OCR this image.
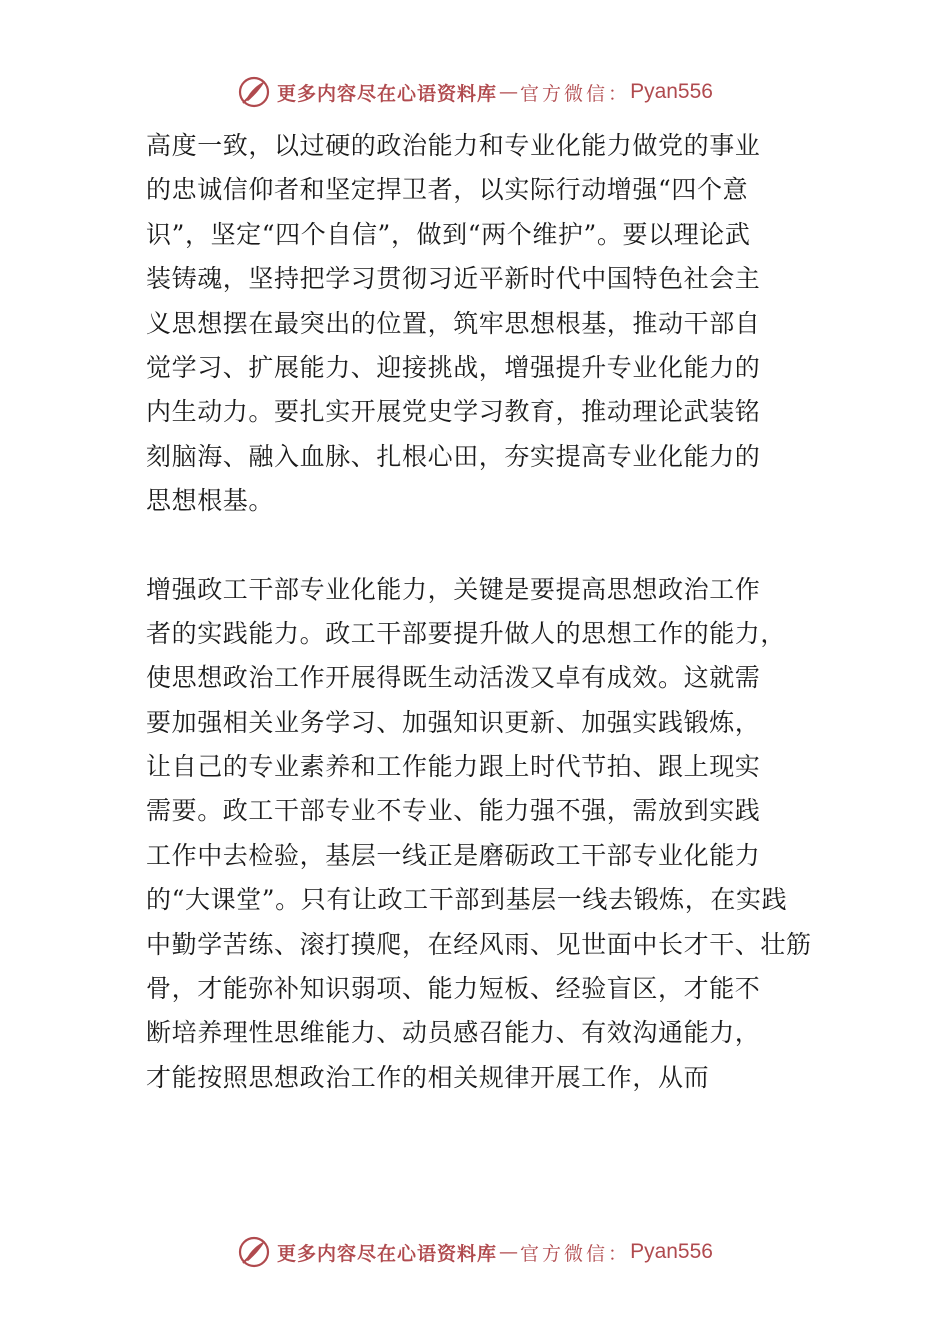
更多内容尽在心语资料库 — 官方微信： Pyan556
高度一致，以过硬的政治能力和专业化能力做党的事业
的忠诚信仰者和坚定捍卫者，以实际行动增强“四个意
识”，坚定“四个自信”，做到“两个维护”。要以理论武
装铸魂，坚持把学习贯彻习近平新时代中国特色社会主
义思想摆在最突出的位置，筑牢思想根基，推动干部自
觉学习、扩展能力、迎接挑战，增强提升专业化能力的
内生动力。要扎实开展党史学习教育，推动理论武装铭
刻脑海、融入血脉、扎根心田，夯实提高专业化能力的
思想根基。
增强政工干部专业化能力，关键是要提高思想政治工作
者的实践能力。政工干部要提升做人的思想工作的能力，
使思想政治工作开展得既生动活泼又卓有成效。这就需
要加强相关业务学习、加强知识更新、加强实践锻炼，
让自己的专业素养和工作能力跟上时代节拍、跟上现实
需要。政工干部专业不专业、能力强不强，需放到实践
工作中去检验，基层一线正是磨砺政工干部专业化能力
的“大课堂”。只有让政工干部到基层一线去锻炼，在实践
中勤学苦练、滚打摸爬，在经风雨、见世面中长才干、壮筋
骨，才能弥补知识弱项、能力短板、经验盲区，才能不
断培养理性思维能力、动员感召能力、有效沟通能力，
才能按照思想政治工作的相关规律开展工作，从而
更多内容尽在心语资料库 — 官方微信： Pyan556
